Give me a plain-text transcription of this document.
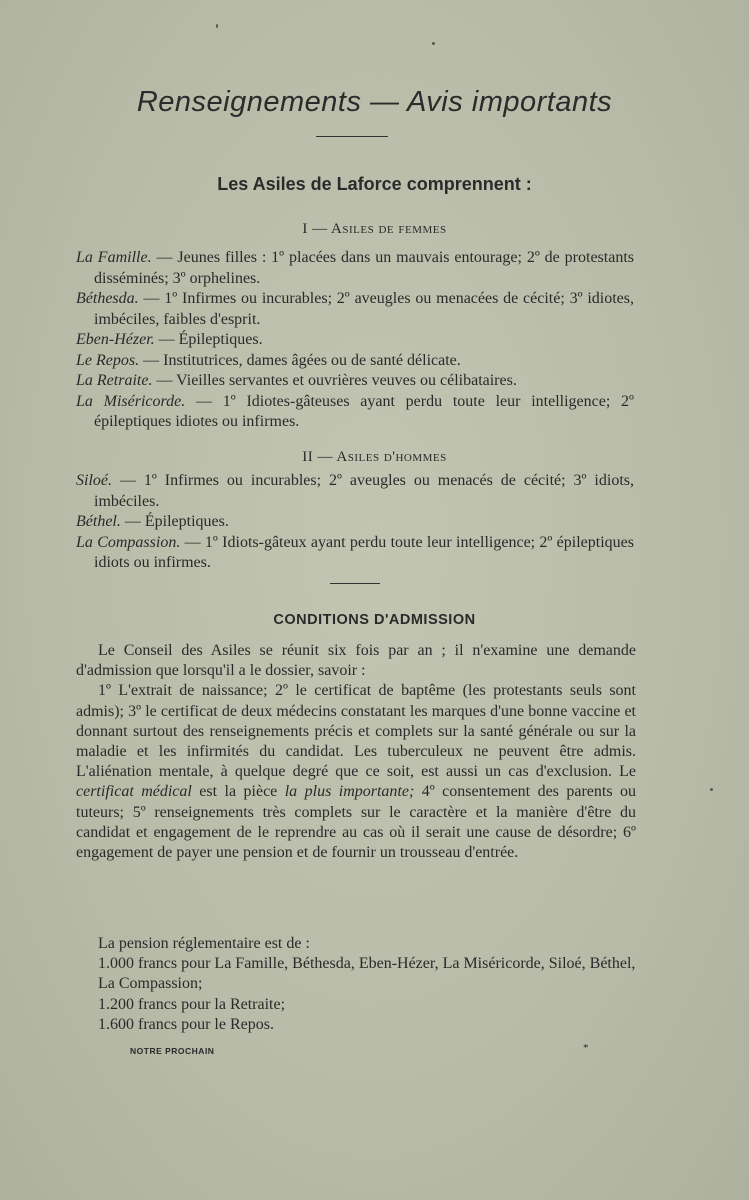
Renseignements — Avis importants
Les Asiles de Laforce comprennent :
I — Asiles de femmes

La Famille. — Jeunes filles : 1º placées dans un mauvais entourage; 2º de protestants disséminés; 3º orphelines.

Béthesda. — 1º Infirmes ou incurables; 2º aveugles ou menacées de cécité; 3º idiotes, imbéciles, faibles d'esprit.

Eben-Hézer. — Épileptiques.

Le Repos. — Institutrices, dames âgées ou de santé délicate.

La Retraite. — Vieilles servantes et ouvrières veuves ou célibataires.

La Miséricorde. — 1º Idiotes-gâteuses ayant perdu toute leur intelligence; 2º épileptiques idiotes ou infirmes.

II — Asiles d'hommes

Siloé. — 1º Infirmes ou incurables; 2º aveugles ou menacés de cécité; 3º idiots, imbéciles.

Béthel. — Épileptiques.

La Compassion. — 1º Idiots-gâteux ayant perdu toute leur intelligence; 2º épileptiques idiots ou infirmes.

CONDITIONS D'ADMISSION

Le Conseil des Asiles se réunit six fois par an ; il n'examine une demande d'admission que lorsqu'il a le dossier, savoir :

1º L'extrait de naissance; 2º le certificat de baptême (les protestants seuls sont admis); 3º le certificat de deux médecins constatant les marques d'une bonne vaccine et donnant surtout des renseignements précis et complets sur la santé générale ou sur la maladie et les infirmités du candidat. Les tuberculeux ne peuvent être admis. L'aliénation mentale, à quelque degré que ce soit, est aussi un cas d'exclusion. Le certificat médical est la pièce la plus importante; 4º consentement des parents ou tuteurs; 5º renseignements très complets sur le caractère et la manière d'être du candidat et engagement de le reprendre au cas où il serait une cause de désordre; 6º engagement de payer une pension et de fournir un trousseau d'entrée.

La pension réglementaire est de :

1.000 francs pour La Famille, Béthesda, Eben-Hézer, La Miséricorde, Siloé, Béthel, La Compassion;

1.200 francs pour la Retraite;

1.600 francs pour le Repos.

NOTRE PROCHAIN	*
